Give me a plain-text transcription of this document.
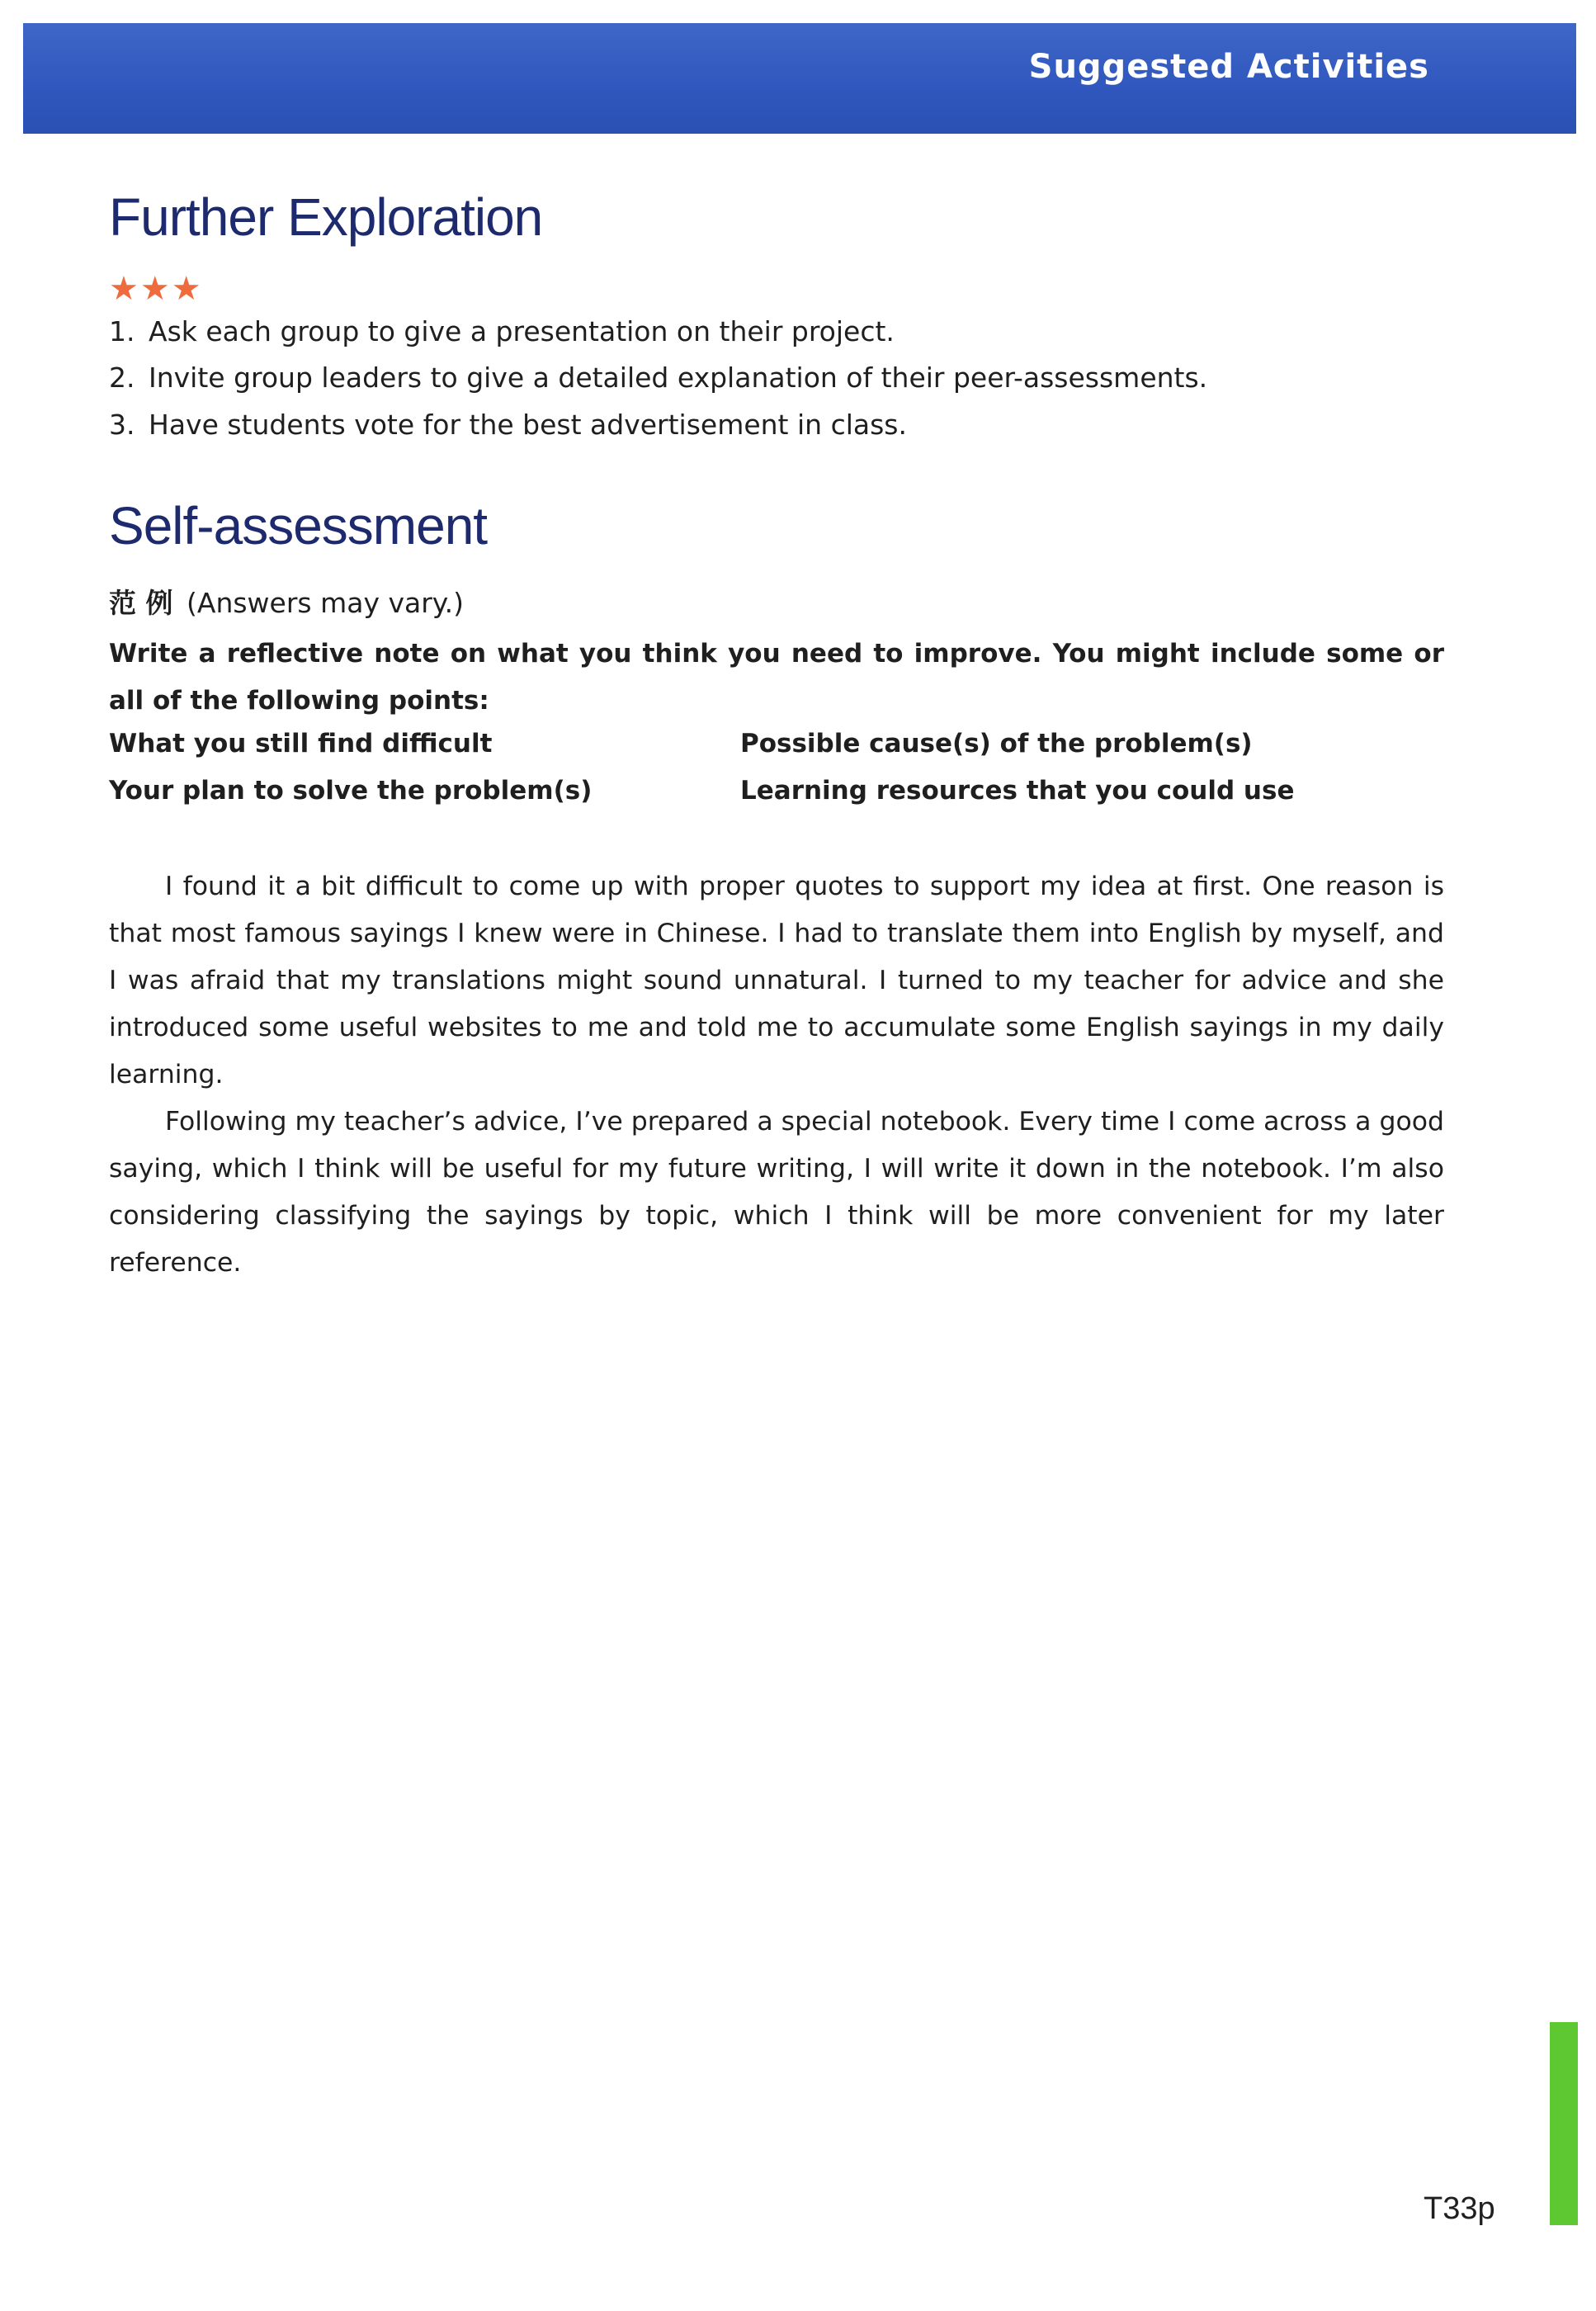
Suggested Activities
Further Exploration
★★★
1. Ask each group to give a presentation on their project.
2. Invite group leaders to give a detailed explanation of their peer-assessments.
3. Have students vote for the best advertisement in class.
Self-assessment
范 例 (Answers may vary.)
Write a reflective note on what you think you need to improve. You might include some or all of the following points:
What you still find difficult	Possible cause(s) of the problem(s)
Your plan to solve the problem(s)	Learning resources that you could use

I found it a bit difficult to come up with proper quotes to support my idea at first. One reason is that most famous sayings I knew were in Chinese. I had to translate them into English by myself, and I was afraid that my translations might sound unnatural. I turned to my teacher for advice and she introduced some useful websites to me and told me to accumulate some English sayings in my daily learning.

Following my teacher’s advice, I’ve prepared a special notebook. Every time I come across a good saying, which I think will be useful for my future writing, I will write it down in the notebook. I’m also considering classifying the sayings by topic, which I think will be more convenient for my later reference.

T33p
